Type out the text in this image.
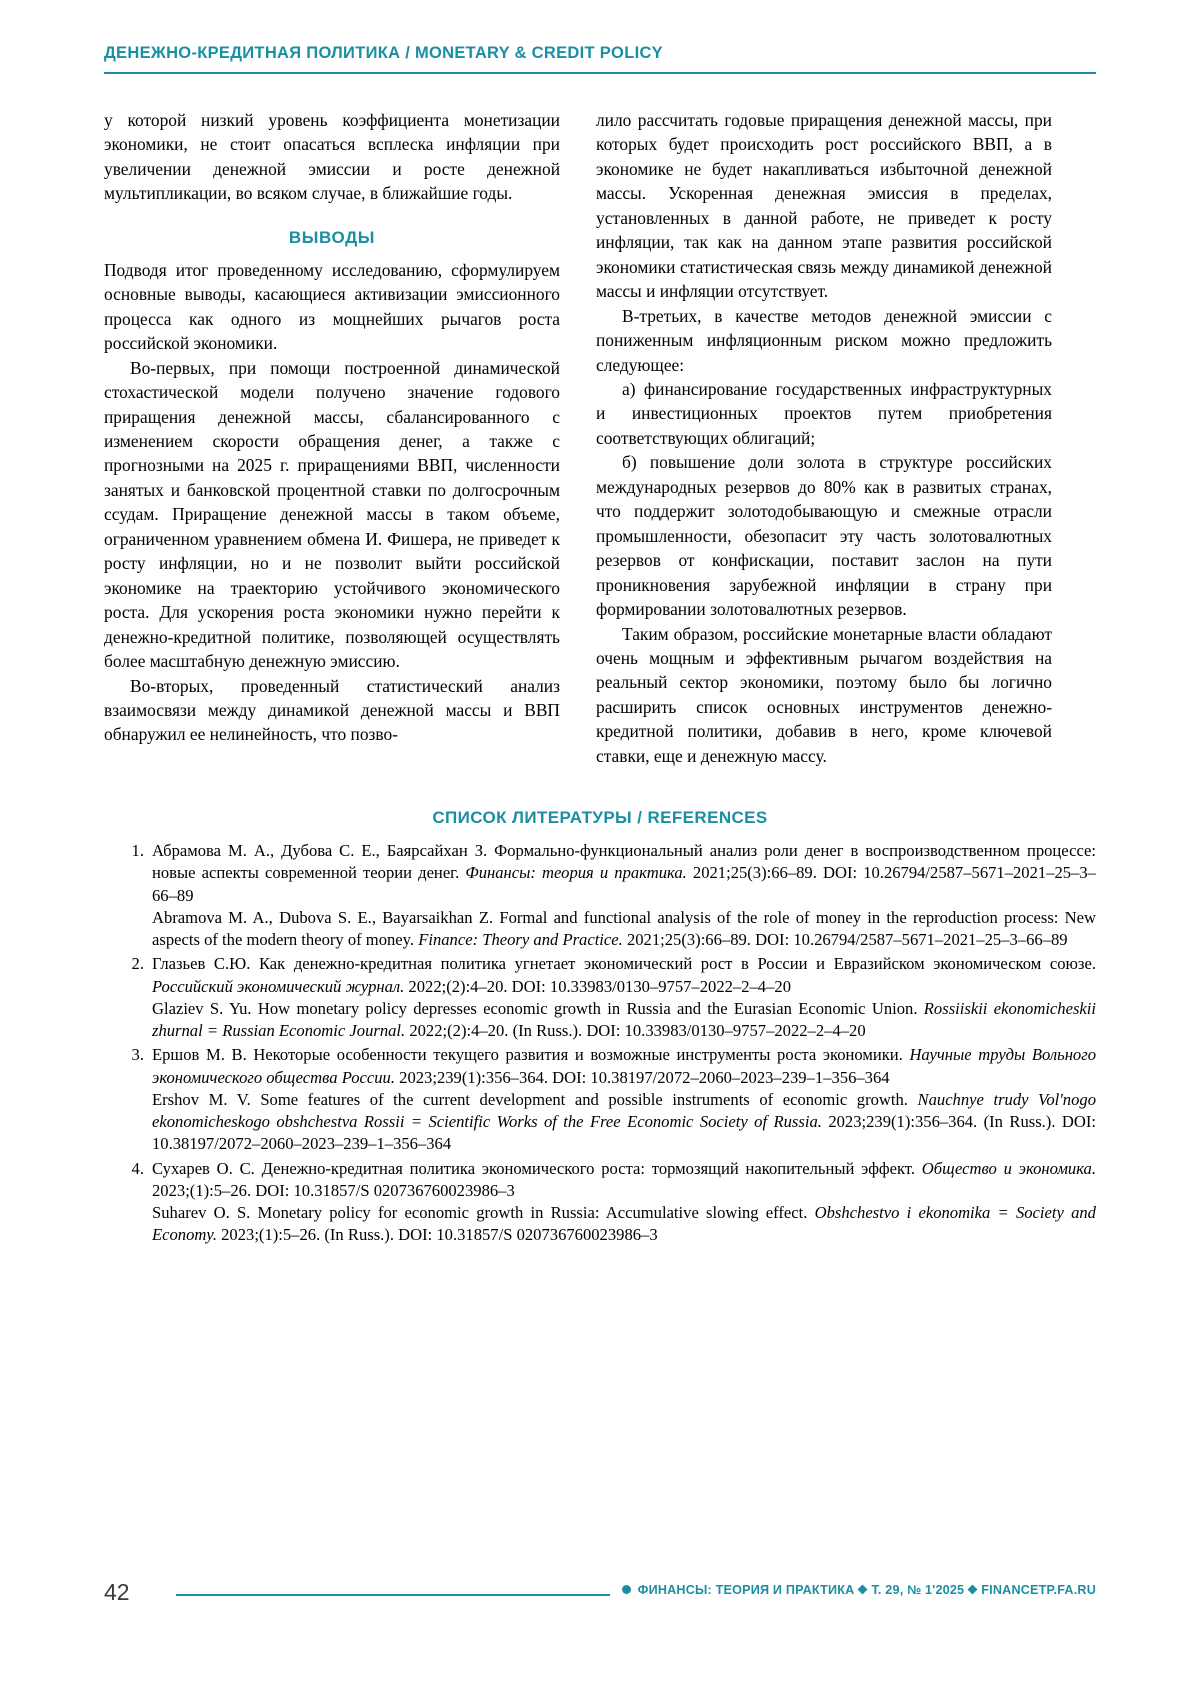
ДЕНЕЖНО-КРЕДИТНАЯ ПОЛИТИКА / MONETARY & CREDIT POLICY

у которой низкий уровень коэффициента монетизации экономики, не стоит опасаться всплеска инфляции при увеличении денежной эмиссии и росте денежной мультипликации, во всяком случае, в ближайшие годы.

ВЫВОДЫ

Подводя итог проведенному исследованию, сформулируем основные выводы, касающиеся активизации эмиссионного процесса как одного из мощнейших рычагов роста российской экономики.

Во-первых, при помощи построенной динамической стохастической модели получено значение годового приращения денежной массы, сбалансированного с изменением скорости обращения денег, а также с прогнозными на 2025 г. приращениями ВВП, численности занятых и банковской процентной ставки по долгосрочным ссудам. Приращение денежной массы в таком объеме, ограниченном уравнением обмена И. Фишера, не приведет к росту инфляции, но и не позволит выйти российской экономике на траекторию устойчивого экономического роста. Для ускорения роста экономики нужно перейти к денежно-кредитной политике, позволяющей осуществлять более масштабную денежную эмиссию.

Во-вторых, проведенный статистический анализ взаимосвязи между динамикой денежной массы и ВВП обнаружил ее нелинейность, что позво-

лило рассчитать годовые приращения денежной массы, при которых будет происходить рост российского ВВП, а в экономике не будет накапливаться избыточной денежной массы. Ускоренная денежная эмиссия в пределах, установленных в данной работе, не приведет к росту инфляции, так как на данном этапе развития российской экономики статистическая связь между динамикой денежной массы и инфляции отсутствует.

В-третьих, в качестве методов денежной эмиссии с пониженным инфляционным риском можно предложить следующее:

а) финансирование государственных инфраструктурных и инвестиционных проектов путем приобретения соответствующих облигаций;

б) повышение доли золота в структуре российских международных резервов до 80% как в развитых странах, что поддержит золотодобывающую и смежные отрасли промышленности, обезопасит эту часть золотовалютных резервов от конфискации, поставит заслон на пути проникновения зарубежной инфляции в страну при формировании золотовалютных резервов.

Таким образом, российские монетарные власти обладают очень мощным и эффективным рычагом воздействия на реальный сектор экономики, поэтому было бы логично расширить список основных инструментов денежно-кредитной политики, добавив в него, кроме ключевой ставки, еще и денежную массу.

СПИСОК ЛИТЕРАТУРЫ / REFERENCES
1. Абрамова М. А., Дубова С. Е., Баярсайхан З. Формально-функциональный анализ роли денег в воспроизводственном процессе: новые аспекты современной теории денег. Финансы: теория и практика. 2021;25(3):66–89. DOI: 10.26794/2587–5671–2021–25–3–66–89
Abramova M. A., Dubova S. E., Bayarsaikhan Z. Formal and functional analysis of the role of money in the reproduction process: New aspects of the modern theory of money. Finance: Theory and Practice. 2021;25(3):66–89. DOI: 10.26794/2587–5671–2021–25–3–66–89
2. Глазьев С.Ю. Как денежно-кредитная политика угнетает экономический рост в России и Евразийском экономическом союзе. Российский экономический журнал. 2022;(2):4–20. DOI: 10.33983/0130–9757–2022–2–4–20
Glaziev S. Yu. How monetary policy depresses economic growth in Russia and the Eurasian Economic Union. Rossiiskii ekonomicheskii zhurnal = Russian Economic Journal. 2022;(2):4–20. (In Russ.). DOI: 10.33983/0130–9757–2022–2–4–20
3. Ершов М. В. Некоторые особенности текущего развития и возможные инструменты роста экономики. Научные труды Вольного экономического общества России. 2023;239(1):356–364. DOI: 10.38197/2072–2060–2023–239–1–356–364
Ershov M. V. Some features of the current development and possible instruments of economic growth. Nauchnye trudy Vol'nogo ekonomicheskogo obshchestva Rossii = Scientific Works of the Free Economic Society of Russia. 2023;239(1):356–364. (In Russ.). DOI: 10.38197/2072–2060–2023–239–1–356–364
4. Сухарев О. С. Денежно-кредитная политика экономического роста: тормозящий накопительный эффект. Общество и экономика. 2023;(1):5–26. DOI: 10.31857/S 020736760023986–3
Suharev O. S. Monetary policy for economic growth in Russia: Accumulative slowing effect. Obshchestvo i ekonomika = Society and Economy. 2023;(1):5–26. (In Russ.). DOI: 10.31857/S 020736760023986–3
42	ФИНАНСЫ: ТЕОРИЯ И ПРАКТИКА Т. 29, № 1'2025 FINANCETP.FA.RU
